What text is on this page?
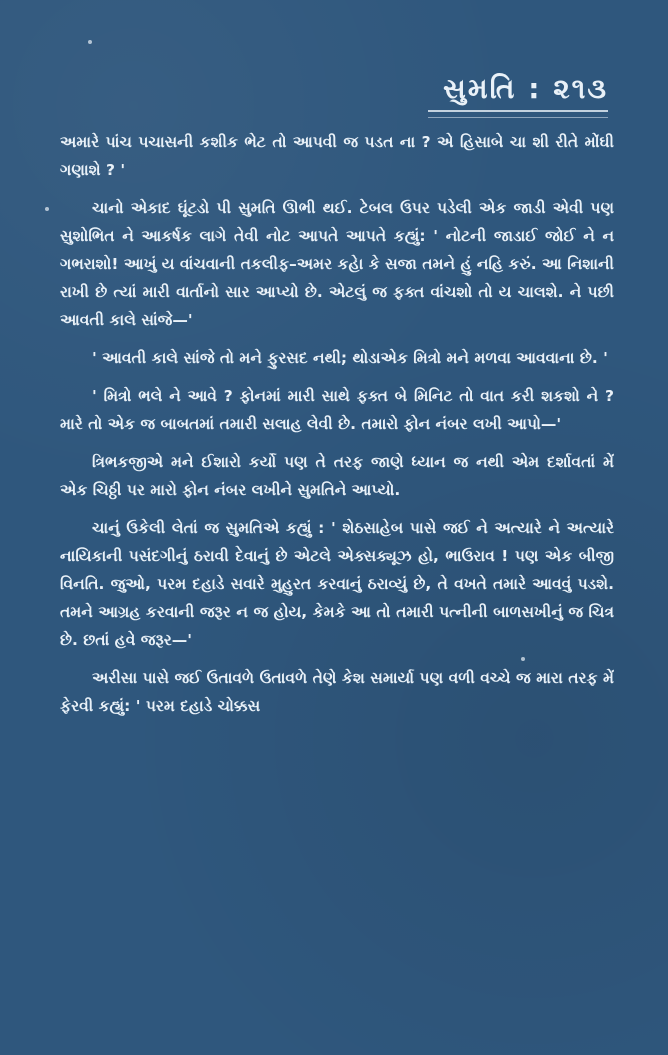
સુમતિ : ૨૧૩

અમારે પાંચ પચાસની કશીક ભેટ તો આપવી જ પડત ના ? એ હિસાબે ચા શી રીતે મોંઘી ગણાશે ? '

ચાનો એકાદ ઘૂંટડો પી સુમતિ ઊભી થઈ. ટેબલ ઉપર પડેલી એક જાડી એવી પણ સુશોભિત ને આકર્ષક લાગે તેવી નોટ આપતે આપતે કહ્યું: ' નોટની જાડાઈ જોઈ ને ન ગભરાશો! આખું ય વાંચવાની તકલીફ–અમર કહેા કે સજા તમને હું નહિ કરું. આ નિશાની રાખી છે ત્યાં મારી વાર્તાનો સાર આપ્યો છે. એટલું જ ફક્ત વાંચશો તો ય ચાલશે. ને પછી આવતી કાલે સાંજે—'

' આવતી કાલે સાંજે તો મને ફુરસદ નથી; થોડાએક મિત્રો મને મળવા આવવાના છે. '

' મિત્રો ભલે ને આવે ? ફોનમાં મારી સાથે ફક્ત બે મિનિટ તો વાત કરી શકશો ને ? મારે તો એક જ બાબતમાં તમારી સલાહ લેવી છે. તમારો ફોન નંબર લખી આપો—'

ત્રિભકજીએ મને ઈશારો કર્યો પણ તે તરફ જાણે ધ્યાન જ નથી એમ દર્શાવતાં મેં એક ચિઠ્ઠી પર મારો ફોન નંબર લખીને સુમતિને આપ્યો.

ચાનું ઉકેલી લેતાં જ સુમતિએ કહ્યું : ' શેઠસાહેબ પાસે જઈ ને અત્યારે ને અત્યારે નાયિકાની પસંદગીનું ઠરાવી દેવાનું છે એટલે એક્સક્યૂઝ હો, ભાઉરાવ ! પણ એક બીજી વિનતિ. જુઓ, પરમ દહાડે સવારે મુહુરત કરવાનું ઠરાવ્યું છે, તે વખતે તમારે આવવું પડશે. તમને આગ્રહ કરવાની જરૂર ન જ હોય, કેમકે આ તો તમારી પત્નીની બાળસખીનું જ ચિત્ર છે. છતાં હવે જરૂર—'

અરીસા પાસે જઈ ઉતાવળે ઉતાવળે તેણે કેશ સમાર્યા પણ વળી વચ્ચે જ મારા તરફ મેં ફેરવી કહ્યું: ' પરમ દહાડે ચોક્કસ
